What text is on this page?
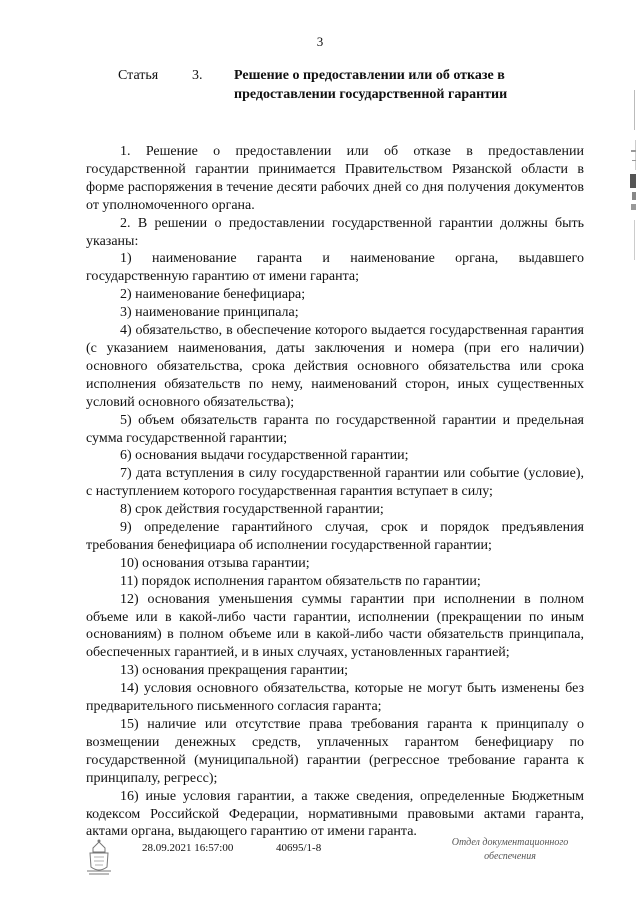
3
Статья 3. Решение о предоставлении или об отказе в
предоставлении государственной гарантии

1. Решение о предоставлении или об отказе в предоставлении государственной гарантии принимается Правительством Рязанской области в форме распоряжения в течение десяти рабочих дней со дня получения документов от уполномоченного органа.

2. В решении о предоставлении государственной гарантии должны быть указаны:

1) наименование гаранта и наименование органа, выдавшего государственную гарантию от имени гаранта;

2) наименование бенефициара;

3) наименование принципала;

4) обязательство, в обеспечение которого выдается государственная гарантия (с указанием наименования, даты заключения и номера (при его наличии) основного обязательства, срока действия основного обязательства или срока исполнения обязательств по нему, наименований сторон, иных существенных условий основного обязательства);

5) объем обязательств гаранта по государственной гарантии и предельная сумма государственной гарантии;

6) основания выдачи государственной гарантии;

7) дата вступления в силу государственной гарантии или событие (условие), с наступлением которого государственная гарантия вступает в силу;

8) срок действия государственной гарантии;

9) определение гарантийного случая, срок и порядок предъявления требования бенефициара об исполнении государственной гарантии;

10) основания отзыва гарантии;

11) порядок исполнения гарантом обязательств по гарантии;

12) основания уменьшения суммы гарантии при исполнении в полном объеме или в какой-либо части гарантии, исполнении (прекращении по иным основаниям) в полном объеме или в какой-либо части обязательств принципала, обеспеченных гарантией, и в иных случаях, установленных гарантией;

13) основания прекращения гарантии;

14) условия основного обязательства, которые не могут быть изменены без предварительного письменного согласия гаранта;

15) наличие или отсутствие права требования гаранта к принципалу о возмещении денежных средств, уплаченных гарантом бенефициару по государственной (муниципальной) гарантии (регрессное требование гаранта к принципалу, регресс);

16) иные условия гарантии, а также сведения, определенные Бюджетным кодексом Российской Федерации, нормативными правовыми актами гаранта, актами органа, выдающего гарантию от имени гаранта.

28.09.2021 16:57:00	40695/1-8	Отдел документационного
обеспечения
